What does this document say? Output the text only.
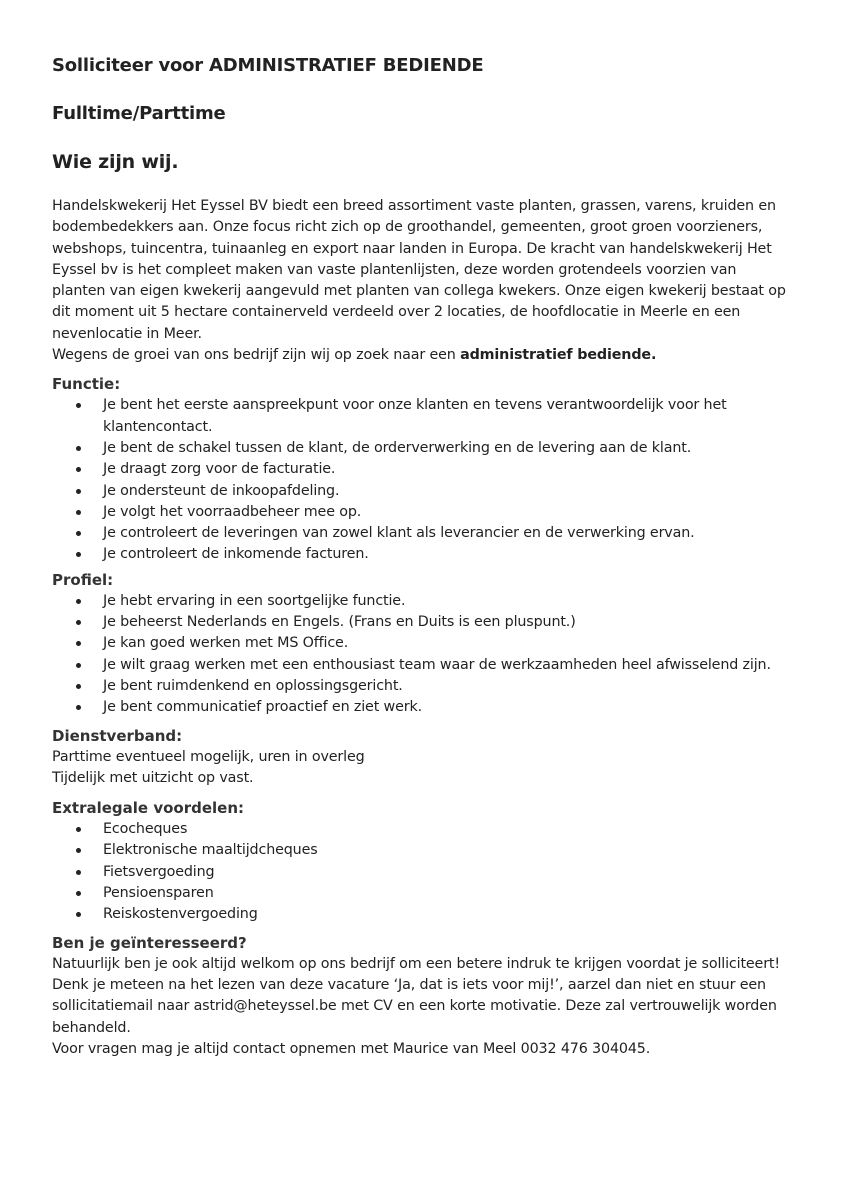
Solliciteer voor ADMINISTRATIEF BEDIENDE
Fulltime/Parttime
Wie zijn wij.

Handelskwekerij Het Eyssel BV biedt een breed assortiment vaste planten, grassen, varens, kruiden en bodembedekkers aan. Onze focus richt zich op de groothandel, gemeenten, groot groen voorzieners, webshops, tuincentra, tuinaanleg en export naar landen in Europa. De kracht van handelskwekerij Het Eyssel bv is het compleet maken van vaste plantenlijsten, deze worden grotendeels voorzien van planten van eigen kwekerij aangevuld met planten van collega kwekers. Onze eigen kwekerij bestaat op dit moment uit 5 hectare containerveld verdeeld over 2 locaties, de hoofdlocatie in Meerle en een nevenlocatie in Meer.

Wegens de groei van ons bedrijf zijn wij op zoek naar een administratief bediende.

Functie:
Je bent het eerste aanspreekpunt voor onze klanten en tevens verantwoordelijk voor het klantencontact.
Je bent de schakel tussen de klant, de orderverwerking en de levering aan de klant.
Je draagt zorg voor de facturatie.
Je ondersteunt de inkoopafdeling.
Je volgt het voorraadbeheer mee op.
Je controleert de leveringen van zowel klant als leverancier en de verwerking ervan.
Je controleert de inkomende facturen.
Profiel:
Je hebt ervaring in een soortgelijke functie.
Je beheerst Nederlands en Engels. (Frans en Duits is een pluspunt.)
Je kan goed werken met MS Office.
Je wilt graag werken met een enthousiast team waar de werkzaamheden heel afwisselend zijn.
Je bent ruimdenkend en oplossingsgericht.
Je bent communicatief proactief en ziet werk.
Dienstverband:

Parttime eventueel mogelijk, uren in overleg

Tijdelijk met uitzicht op vast.

Extralegale voordelen:
Ecocheques
Elektronische maaltijdcheques
Fietsvergoeding
Pensioensparen
Reiskostenvergoeding
Ben je geïnteresseerd?

Natuurlijk ben je ook altijd welkom op ons bedrijf om een betere indruk te krijgen voordat je solliciteert!

Denk je meteen na het lezen van deze vacature ‘Ja, dat is iets voor mij!’, aarzel dan niet en stuur een sollicitatiemail naar astrid@heteyssel.be met CV en een korte motivatie. Deze zal vertrouwelijk worden behandeld.

Voor vragen mag je altijd contact opnemen met Maurice van Meel 0032 476 304045.
